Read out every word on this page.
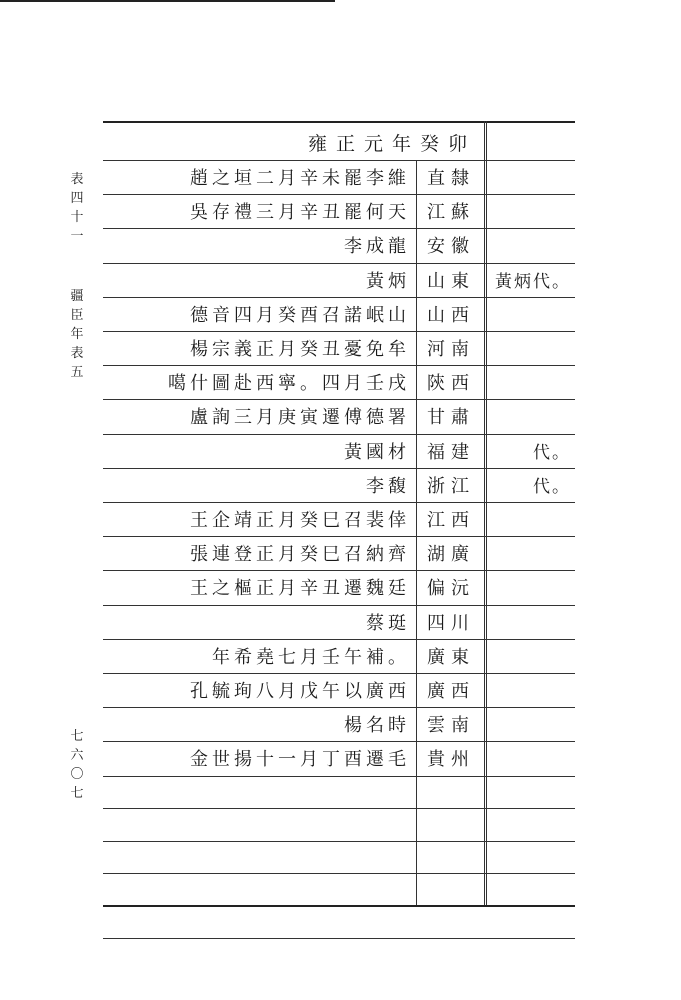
表四十一
疆臣年表五
七六〇七
雍正元年癸卯
趙之垣二月辛未罷李維 直隸
吳存禮三月辛丑罷何天 江蘇
李成龍 安徽
黃炳 山東	黃炳代。
德音四月癸酉召諾岷山 山西
楊宗義正月癸丑憂免牟 河南
噶什圖赴西寧。四月壬戌 陝西
盧詢三月庚寅遷傅德署 甘肅
黃國材 福建	代。
李馥 浙江	代。
王企靖正月癸巳召裴倖 江西
張連登正月癸巳召納齊 湖廣
王之樞正月辛丑遷魏廷 偏沅
蔡珽 四川
年希堯七月壬午補。 廣東
孔毓珣八月戊午以廣西 廣西
楊名時 雲南
金世揚十一月丁酉遷毛 貴州
